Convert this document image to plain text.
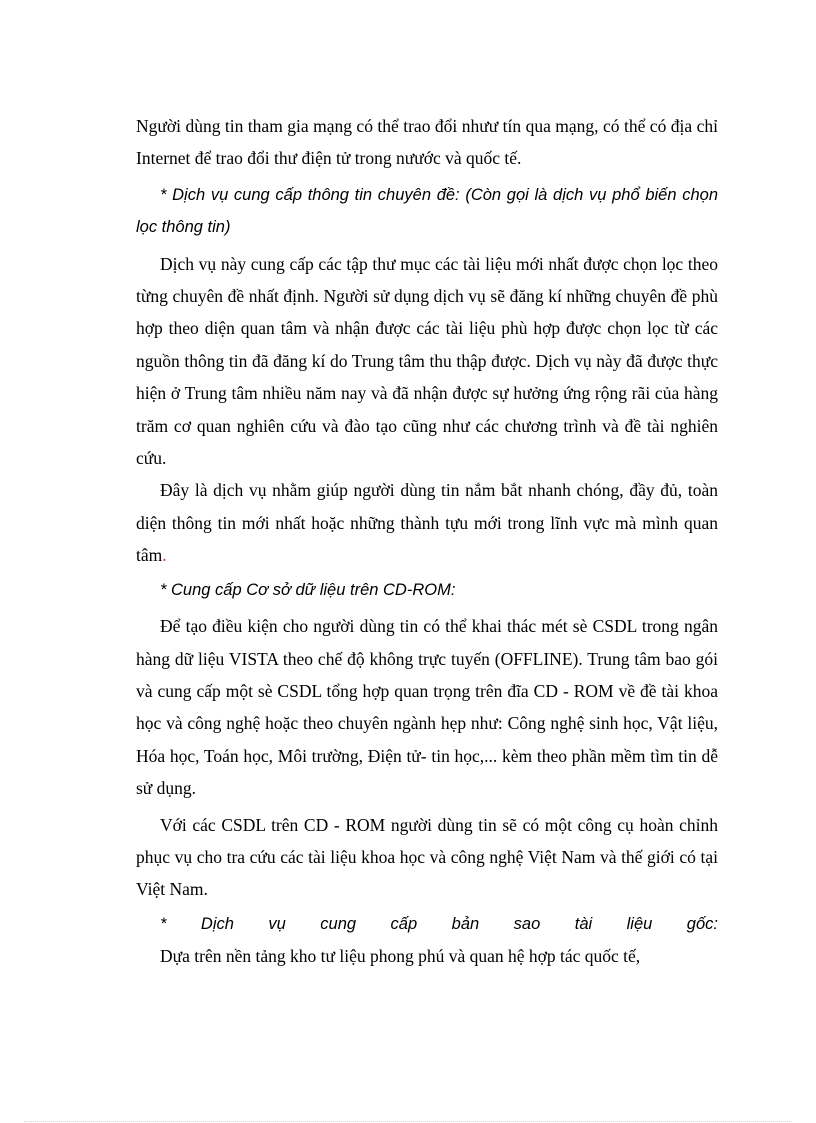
Người dùng tin tham gia mạng có thể trao đổi nhưư tín qua mạng, có thể có địa chỉ Internet để trao đổi thư điện tử trong nưước và quốc tế.

* Dịch vụ cung cấp thông tin chuyên đề: (Còn gọi là dịch vụ phổ biến chọn lọc thông tin)

Dịch vụ này cung cấp các tập thư mục các tài liệu mới nhất được chọn lọc theo từng chuyên đề nhất định. Người sử dụng dịch vụ sẽ đăng kí những chuyên đề phù hợp theo diện quan tâm và nhận được các tài liệu phù hợp được chọn lọc từ các nguồn thông tin đã đăng kí do Trung tâm thu thập được. Dịch vụ này đã được thực hiện ở Trung tâm nhiều năm nay và đã nhận được sự hưởng ứng rộng rãi của hàng trăm cơ quan nghiên cứu và đào tạo cũng như các chương trình và đề tài nghiên cứu.

Đây là dịch vụ nhằm giúp người dùng tin nắm bắt nhanh chóng, đầy đủ, toàn diện thông tin mới nhất hoặc những thành tựu mới trong lĩnh vực mà mình quan tâm.

* Cung cấp Cơ sở dữ liệu trên CD-ROM:

Để tạo điều kiện cho người dùng tin có thể khai thác mét sè CSDL trong ngân hàng dữ liệu VISTA theo chế độ không trực tuyến (OFFLINE). Trung tâm bao gói và cung cấp một sè CSDL tổng hợp quan trọng trên đĩa CD - ROM về đề tài khoa học và công nghệ hoặc theo chuyên ngành hẹp như: Công nghệ sinh học, Vật liệu, Hóa học, Toán học, Môi trường, Điện tử- tin học,... kèm theo phần mềm tìm tin dễ sử dụng.

Với các CSDL trên CD - ROM người dùng tin sẽ có một công cụ hoàn chỉnh phục vụ cho tra cứu các tài liệu khoa học và công nghệ Việt Nam và thế giới có tại Việt Nam.

* Dịch vụ cung cấp bản sao tài liệu gốc:

Dựa trên nền tảng kho tư liệu phong phú và quan hệ hợp tác quốc tế,
